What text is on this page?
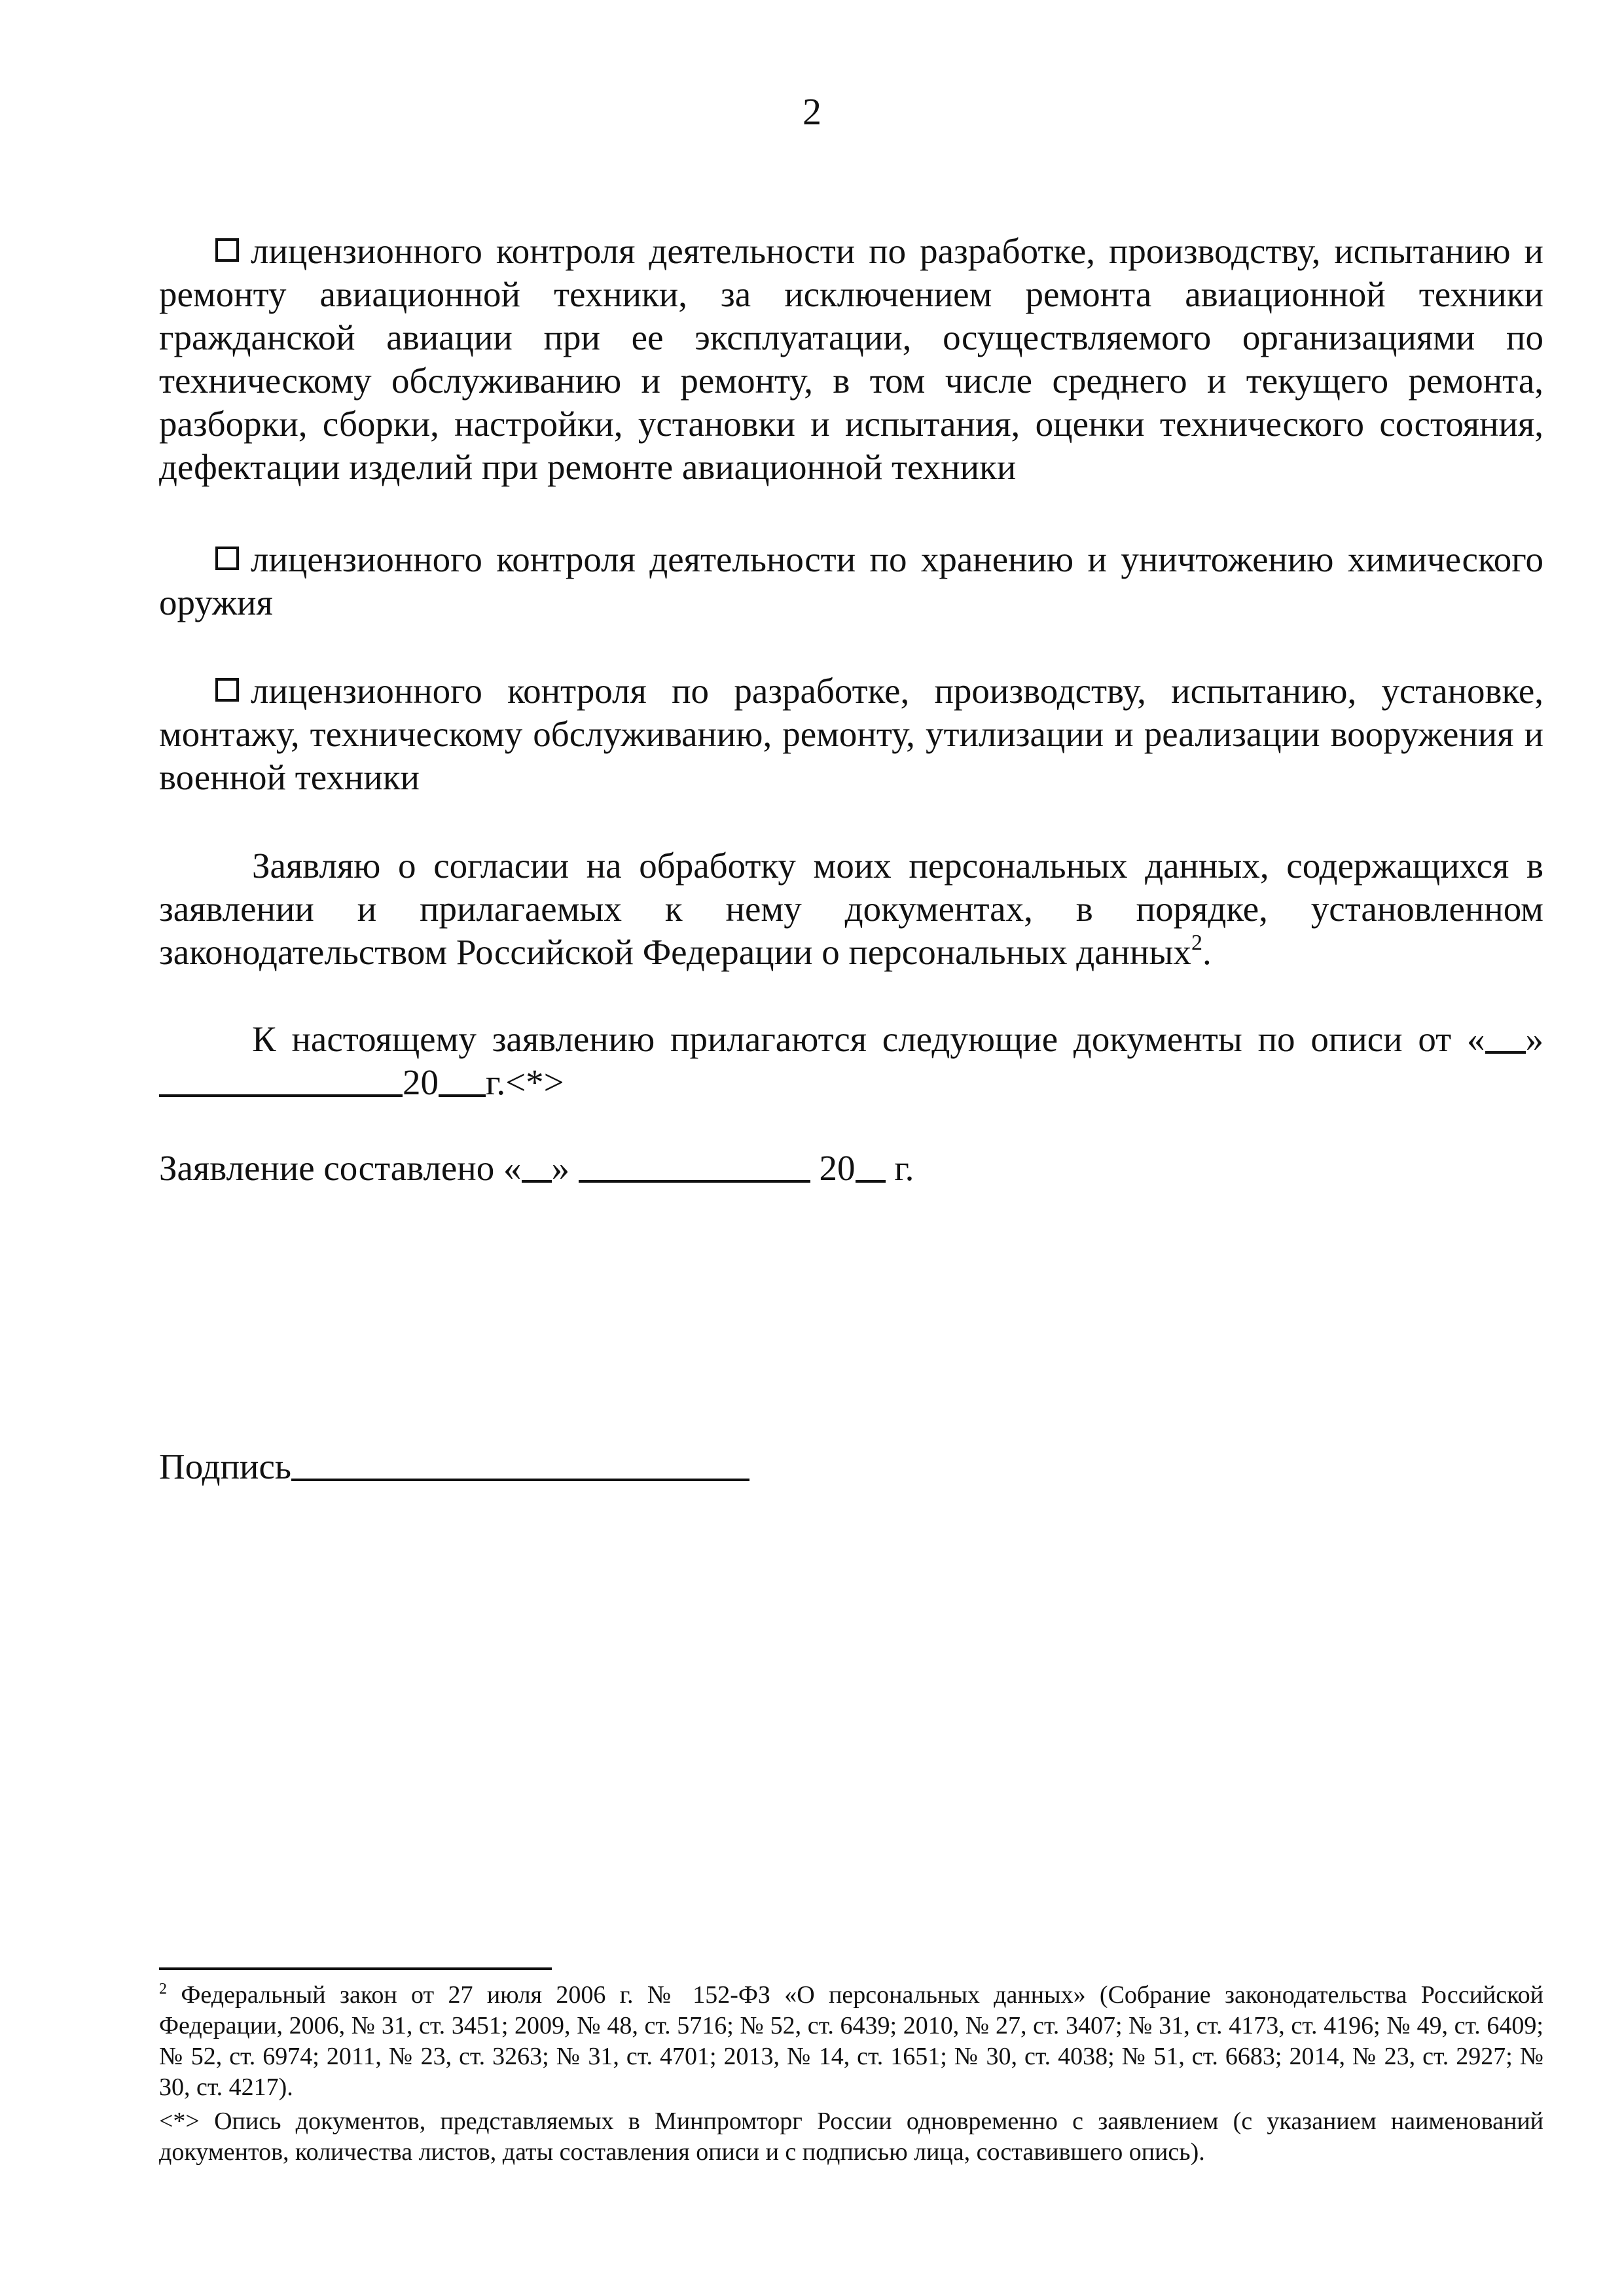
2

лицензионного контроля деятельности по разработке, производству, испытанию и ремонту авиационной техники, за исключением ремонта авиационной техники гражданской авиации при ее эксплуатации, осуществляемого организациями по техническому обслуживанию и ремонту, в том числе среднего и текущего ремонта, разборки, сборки, настройки, установки и испытания, оценки технического состояния, дефектации изделий при ремонте авиационной техники

лицензионного контроля деятельности по хранению и уничтожению химического оружия

лицензионного контроля по разработке, производству, испытанию, установке, монтажу, техническому обслуживанию, ремонту, утилизации и реализации вооружения и военной техники

Заявляю о согласии на обработку моих персональных данных, содержащихся в заявлении и прилагаемых к нему документах, в порядке, установленном законодательством Российской Федерации о персональных данных$^2$.

К настоящему заявлению прилагаются следующие документы по описи от « »20 г.<*>

Заявление составлено « »	20 г.

Подпись

$^2$ Федеральный закон от 27 июля 2006 г. № 152-ФЗ «О персональных данных» (Собрание законодательства Российской Федерации, 2006, № 31, ст. 3451; 2009, № 48, ст. 5716; № 52, ст. 6439; 2010, № 27, ст. 3407; № 31, ст. 4173, ст. 4196; № 49, ст. 6409; № 52, ст. 6974; 2011, № 23, ст. 3263; № 31, ст. 4701; 2013, № 14, ст. 1651; № 30, ст. 4038; № 51, ст. 6683; 2014, № 23, ст. 2927; № 30, ст. 4217).

<*> Опись документов, представляемых в Минпромторг России одновременно с заявлением (с указанием наименований документов, количества листов, даты составления описи и с подписью лица, составившего опись).
